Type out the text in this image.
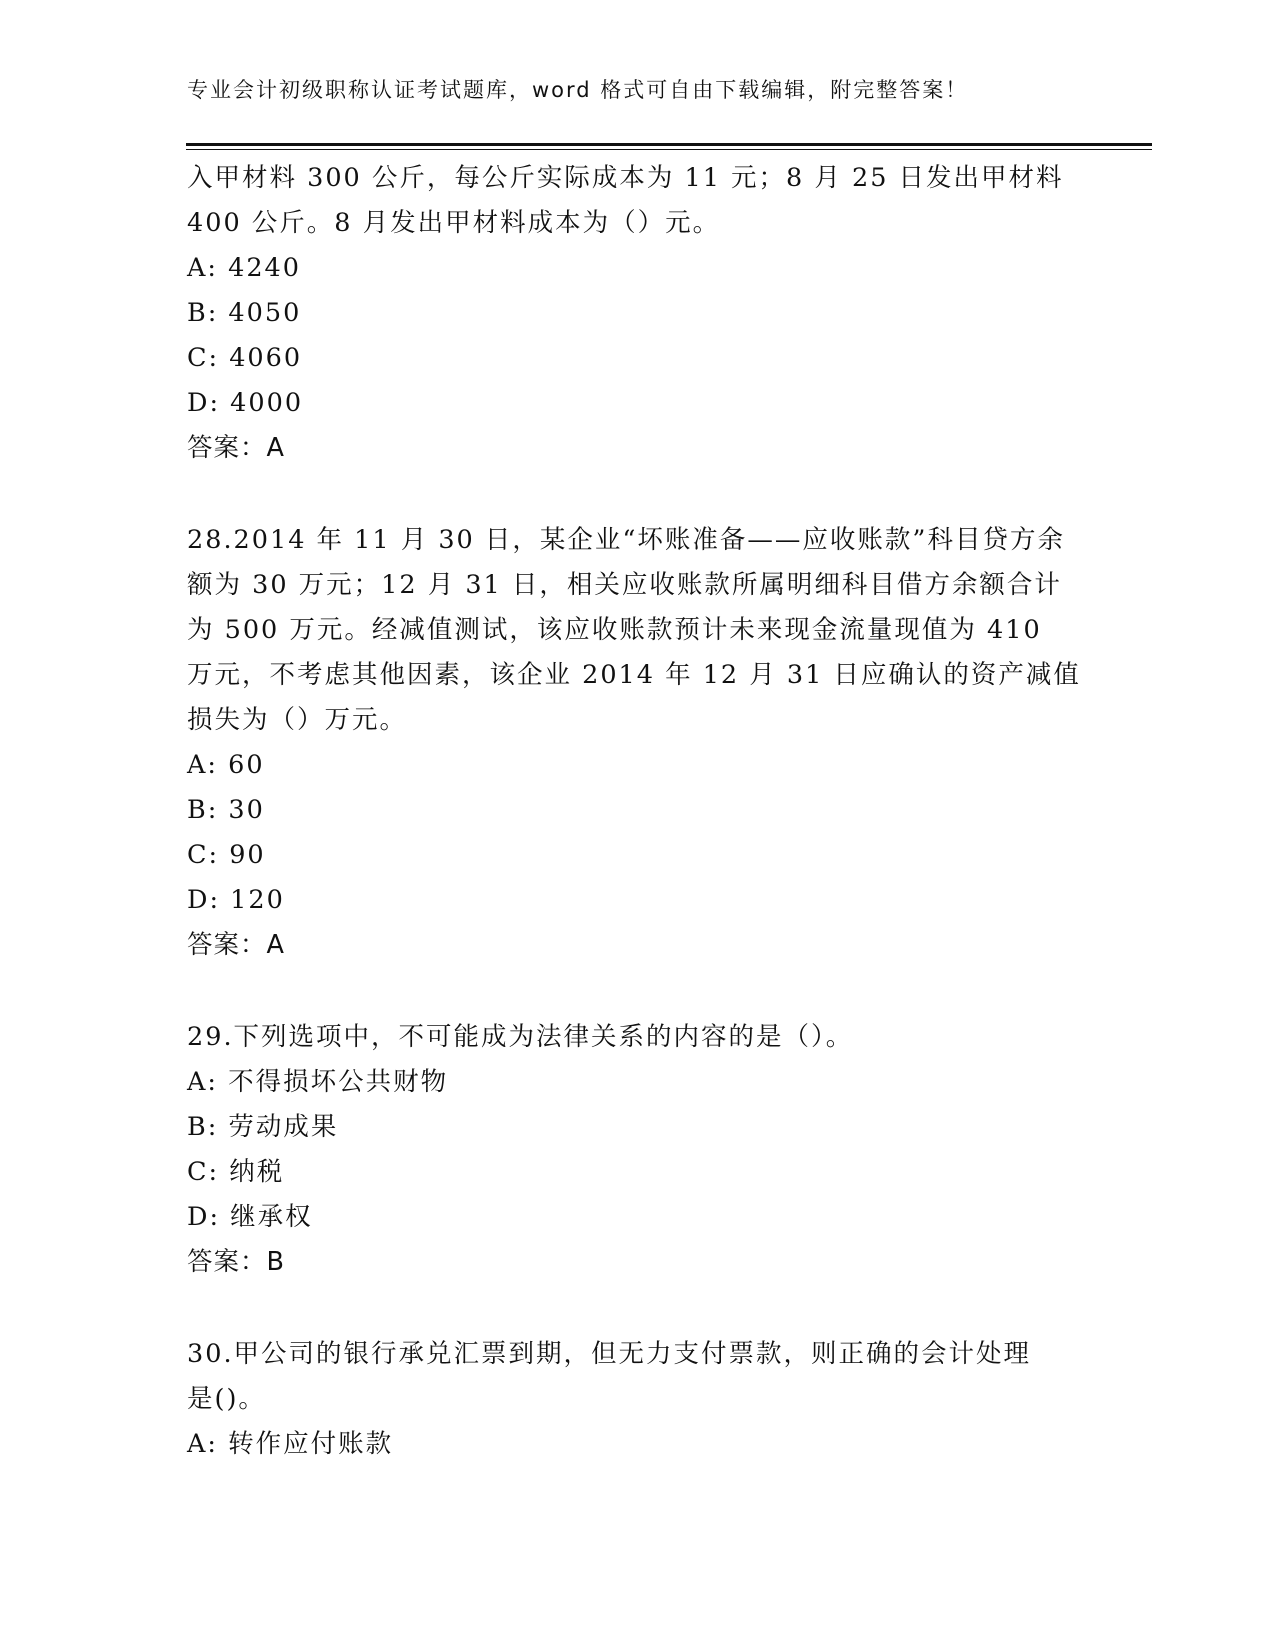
专业会计初级职称认证考试题库，word 格式可自由下载编辑，附完整答案！
入甲材料 300 公斤，每公斤实际成本为 11 元；8 月 25 日发出甲材料
400 公斤。8 月发出甲材料成本为（）元。
A: 4240
B: 4050
C: 4060
D: 4000
答案：A
28.2014 年 11 月 30 日，某企业“坏账准备——应收账款”科目贷方余
额为 30 万元；12 月 31 日，相关应收账款所属明细科目借方余额合计
为 500 万元。经减值测试，该应收账款预计未来现金流量现值为 410
万元，不考虑其他因素，该企业 2014 年 12 月 31 日应确认的资产减值
损失为（）万元。
A: 60
B: 30
C: 90
D: 120
答案：A
29.下列选项中，不可能成为法律关系的内容的是（）。
A: 不得损坏公共财物
B: 劳动成果
C: 纳税
D: 继承权
答案：B
30.甲公司的银行承兑汇票到期，但无力支付票款，则正确的会计处理
是()。
A: 转作应付账款
